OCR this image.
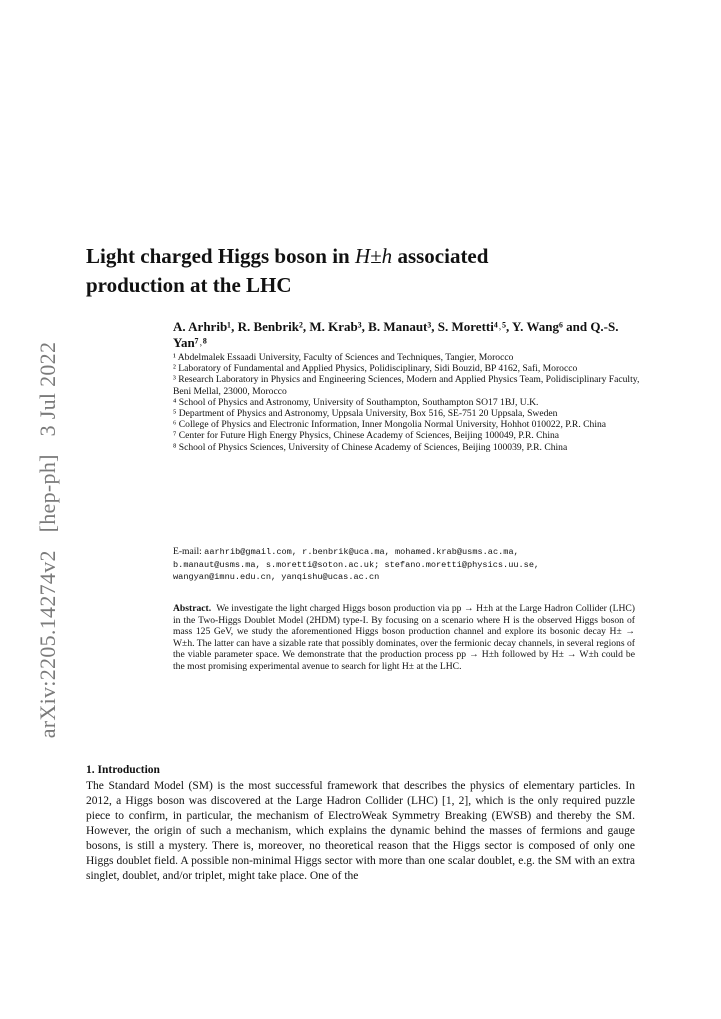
arXiv:2205.14274v2 [hep-ph] 3 Jul 2022
Light charged Higgs boson in H±h associated
production at the LHC
A. Arhrib¹, R. Benbrik², M. Krab³, B. Manaut³, S. Moretti⁴˒⁵, Y. Wang⁶ and Q.-S. Yan⁷˒⁸
¹ Abdelmalek Essaadi University, Faculty of Sciences and Techniques, Tangier, Morocco
² Laboratory of Fundamental and Applied Physics, Polidisciplinary, Sidi Bouzid, BP 4162, Safi, Morocco
³ Research Laboratory in Physics and Engineering Sciences, Modern and Applied Physics Team, Polidisciplinary Faculty, Beni Mellal, 23000, Morocco
⁴ School of Physics and Astronomy, University of Southampton, Southampton SO17 1BJ, U.K.
⁵ Department of Physics and Astronomy, Uppsala University, Box 516, SE-751 20 Uppsala, Sweden
⁶ College of Physics and Electronic Information, Inner Mongolia Normal University, Hohhot 010022, P.R. China
⁷ Center for Future High Energy Physics, Chinese Academy of Sciences, Beijing 100049, P.R. China
⁸ School of Physics Sciences, University of Chinese Academy of Sciences, Beijing 100039, P.R. China
E-mail: aarhrib@gmail.com, r.benbrik@uca.ma, mohamed.krab@usms.ac.ma,
b.manaut@usms.ma, s.moretti@soton.ac.uk; stefano.moretti@physics.uu.se,
wangyan@imnu.edu.cn, yanqishu@ucas.ac.cn
Abstract. We investigate the light charged Higgs boson production via pp → H±h at the Large Hadron Collider (LHC) in the Two-Higgs Doublet Model (2HDM) type-I. By focusing on a scenario where H is the observed Higgs boson of mass 125 GeV, we study the aforementioned Higgs boson production channel and explore its bosonic decay H± → W±h. The latter can have a sizable rate that possibly dominates, over the fermionic decay channels, in several regions of the viable parameter space. We demonstrate that the production process pp → H±h followed by H± → W±h could be the most promising experimental avenue to search for light H± at the LHC.
1. Introduction
The Standard Model (SM) is the most successful framework that describes the physics of elementary particles. In 2012, a Higgs boson was discovered at the Large Hadron Collider (LHC) [1, 2], which is the only required puzzle piece to confirm, in particular, the mechanism of ElectroWeak Symmetry Breaking (EWSB) and thereby the SM. However, the origin of such a mechanism, which explains the dynamic behind the masses of fermions and gauge bosons, is still a mystery. There is, moreover, no theoretical reason that the Higgs sector is composed of only one Higgs doublet field. A possible non-minimal Higgs sector with more than one scalar doublet, e.g. the SM with an extra singlet, doublet, and/or triplet, might take place. One of the
